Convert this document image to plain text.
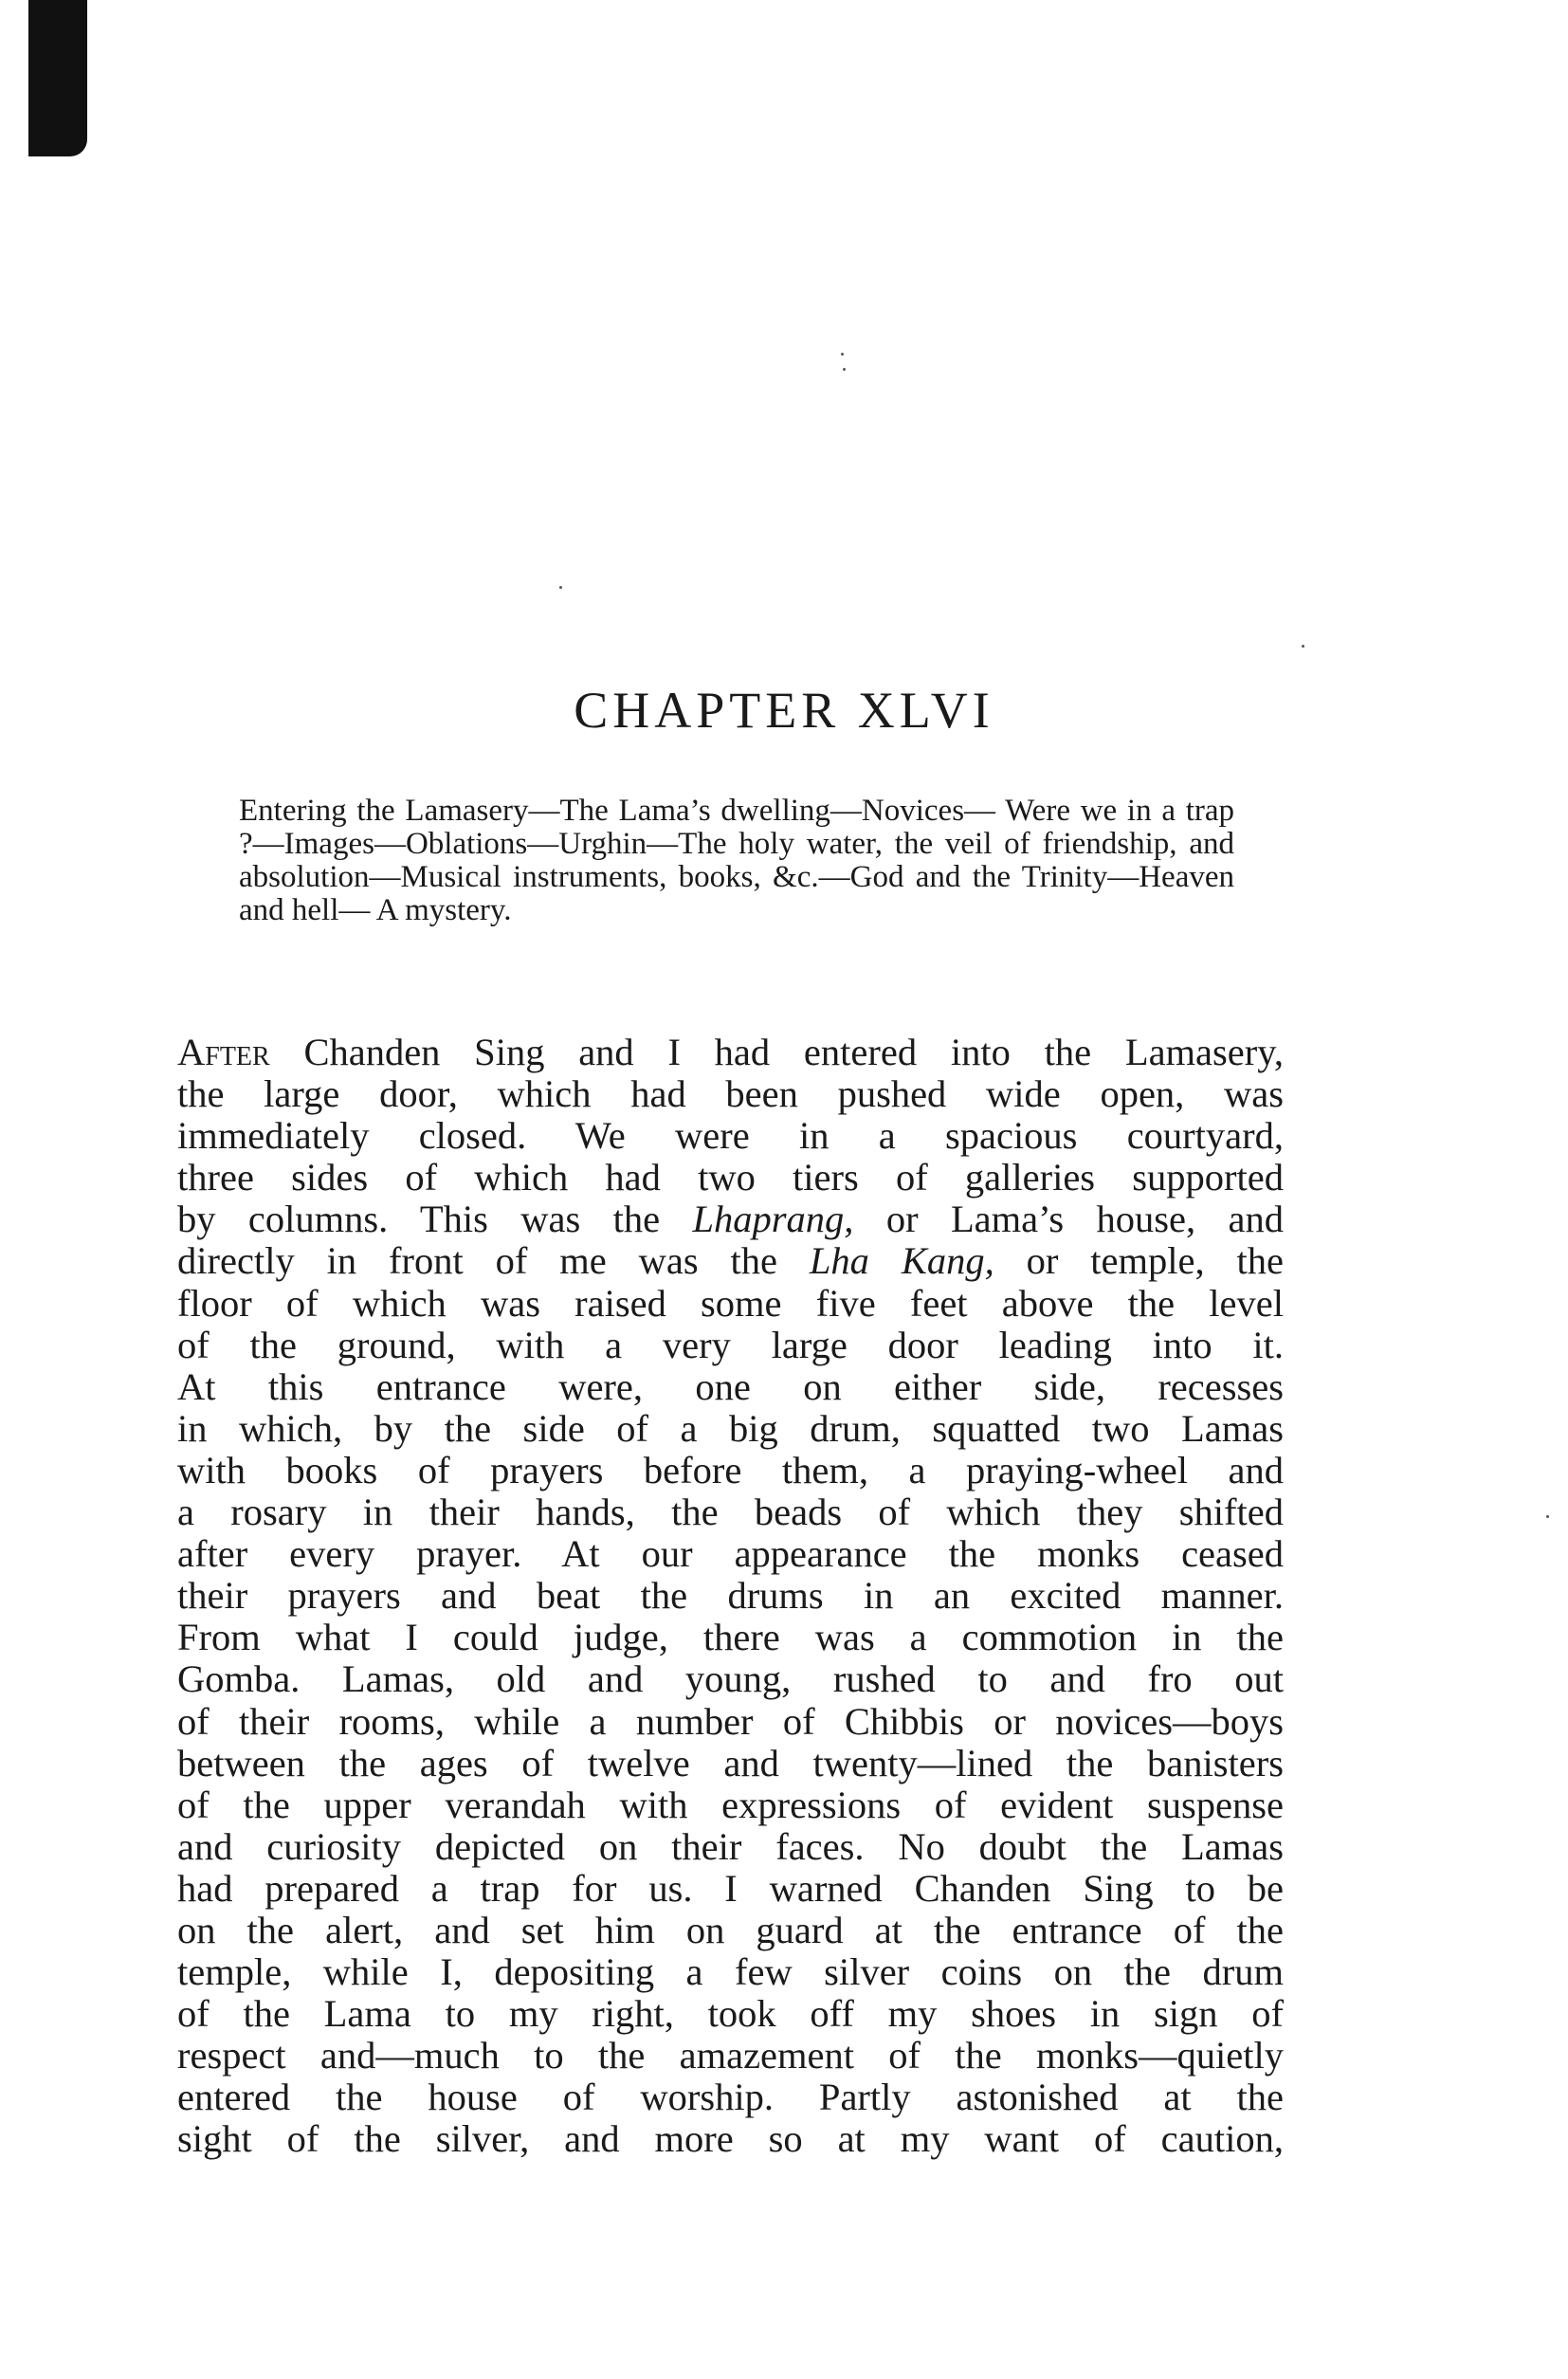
CHAPTER XLVI

Entering the Lamasery—The Lama’s dwelling—Novices— Were we in a trap ?—Images—Oblations—Urghin—The holy water, the veil of friendship, and absolution—Musical instruments, books, &c.—God and the Trinity—Heaven and hell— A mystery.

After Chanden Sing and I had entered into the Lamasery,
the large door, which had been pushed wide open, was
immediately closed. We were in a spacious courtyard,
three sides of which had two tiers of galleries supported
by columns. This was the Lhaprang, or Lama’s house, and
directly in front of me was the Lha Kang, or temple, the
floor of which was raised some five feet above the level
of the ground, with a very large door leading into it.
At this entrance were, one on either side, recesses
in which, by the side of a big drum, squatted two Lamas
with books of prayers before them, a praying-wheel and
a rosary in their hands, the beads of which they shifted
after every prayer. At our appearance the monks ceased
their prayers and beat the drums in an excited manner.
From what I could judge, there was a commotion in the
Gomba. Lamas, old and young, rushed to and fro out
of their rooms, while a number of Chibbis or novices—boys
between the ages of twelve and twenty—lined the banisters
of the upper verandah with expressions of evident suspense
and curiosity depicted on their faces. No doubt the Lamas
had prepared a trap for us. I warned Chanden Sing to be
on the alert, and set him on guard at the entrance of the
temple, while I, depositing a few silver coins on the drum
of the Lama to my right, took off my shoes in sign of
respect and—much to the amazement of the monks—quietly
entered the house of worship. Partly astonished at the
sight of the silver, and more so at my want of caution,
